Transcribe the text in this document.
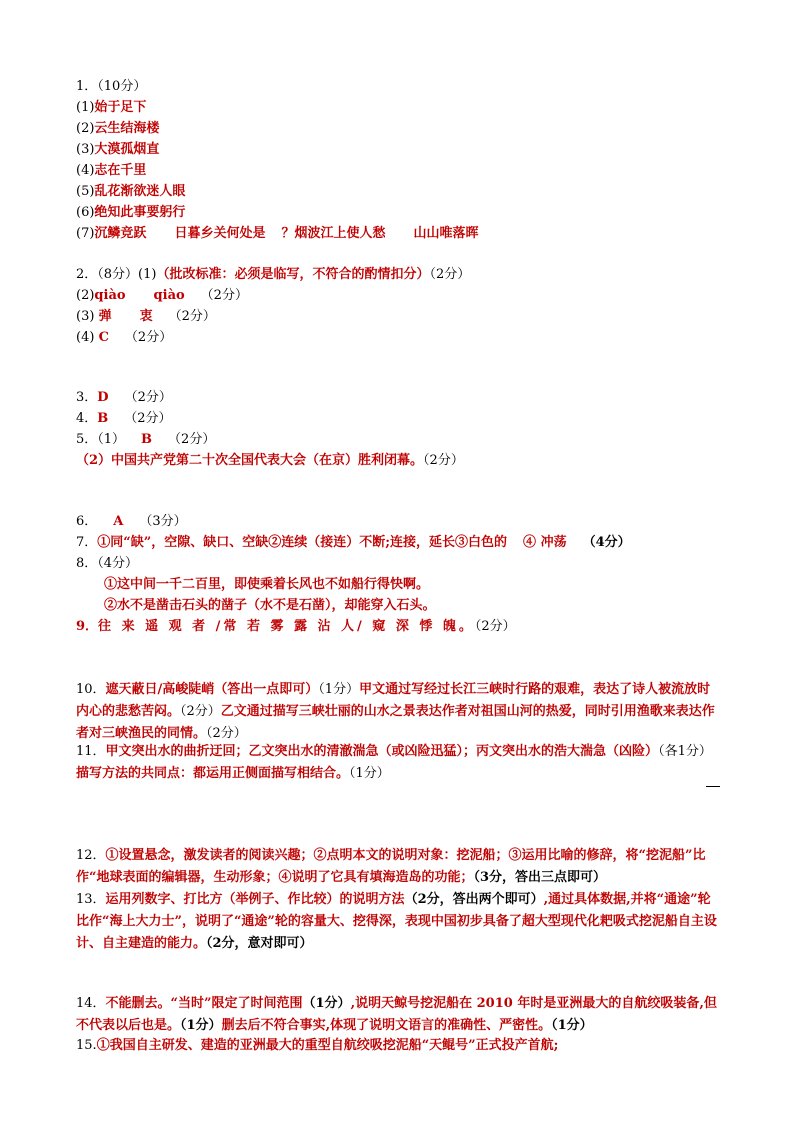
1．（10分）
(1)始于足下
(2)云生结海楼
(3)大漠孤烟直
(4)志在千里
(5)乱花渐欲迷人眼
(6)绝知此事要躬行
(7)沉鳞竞跃 日暮乡关何处是 ？烟波江上使人愁 山山唯落晖
2．（8分）(1)（批改标准：必须是临写，不符合的酌情扣分）（2分）
(2)qiào qiào （2分）
(3) 弹 衷 （2分）
(4) C （2分）
3．D （2分）
4．B （2分）
5．（1） B （2分）
（2）中国共产党第二十次全国代表大会（在京）胜利闭幕。（2分）
6． A （3分）
7．①同“缺”，空隙、缺口、空缺②连续（接连）不断;连接，延长③白色的 ④ 冲荡 （4分）
8．（4分）
①这中间一千二百里，即使乘着长风也不如船行得快啊。
②水不是凿击石头的凿子（水不是石凿），却能穿入石头。
9．往 来 遥 观 者 /常 若 雾 露 沾 人/ 窥 深 悸 魄。（2分）
10．遮天蔽日/高峻陡峭（答出一点即可）（1分）甲文通过写经过长江三峡时行路的艰难，表达了诗人被流放时内心的悲愁苦闷。（2分）乙文通过描写三峡壮丽的山水之景表达作者对祖国山河的热爱，同时引用渔歌来表达作者对三峡渔民的同情。（2分）
11．甲文突出水的曲折迂回；乙文突出水的清澈湍急（或凶险迅猛）；丙文突出水的浩大湍急（凶险）（各1分）
描写方法的共同点：都运用正侧面描写相结合。（1分）
12．①设置悬念，激发读者的阅读兴趣；②点明本文的说明对象：挖泥船；③运用比喻的修辞，将“挖泥船”比作“地球表面的编辑器，生动形象；④说明了它具有填海造岛的功能；（3分，答出三点即可）
13．运用列数字、打比方（举例子、作比较）的说明方法（2分，答出两个即可）,通过具体数据,并将“通途”轮比作“海上大力士”，说明了“通途”轮的容量大、挖得深，表现中国初步具备了超大型现代化耙吸式挖泥船自主设计、自主建造的能力。（2分，意对即可）
14．不能删去。“当时”限定了时间范围（1分）,说明天鲸号挖泥船在 2010 年时是亚洲最大的自航绞吸装备,但不代表以后也是。（1分）删去后不符合事实,体现了说明文语言的准确性、严密性。（1分）
15.①我国自主研发、建造的亚洲最大的重型自航绞吸挖泥船“天鲲号”正式投产首航;
